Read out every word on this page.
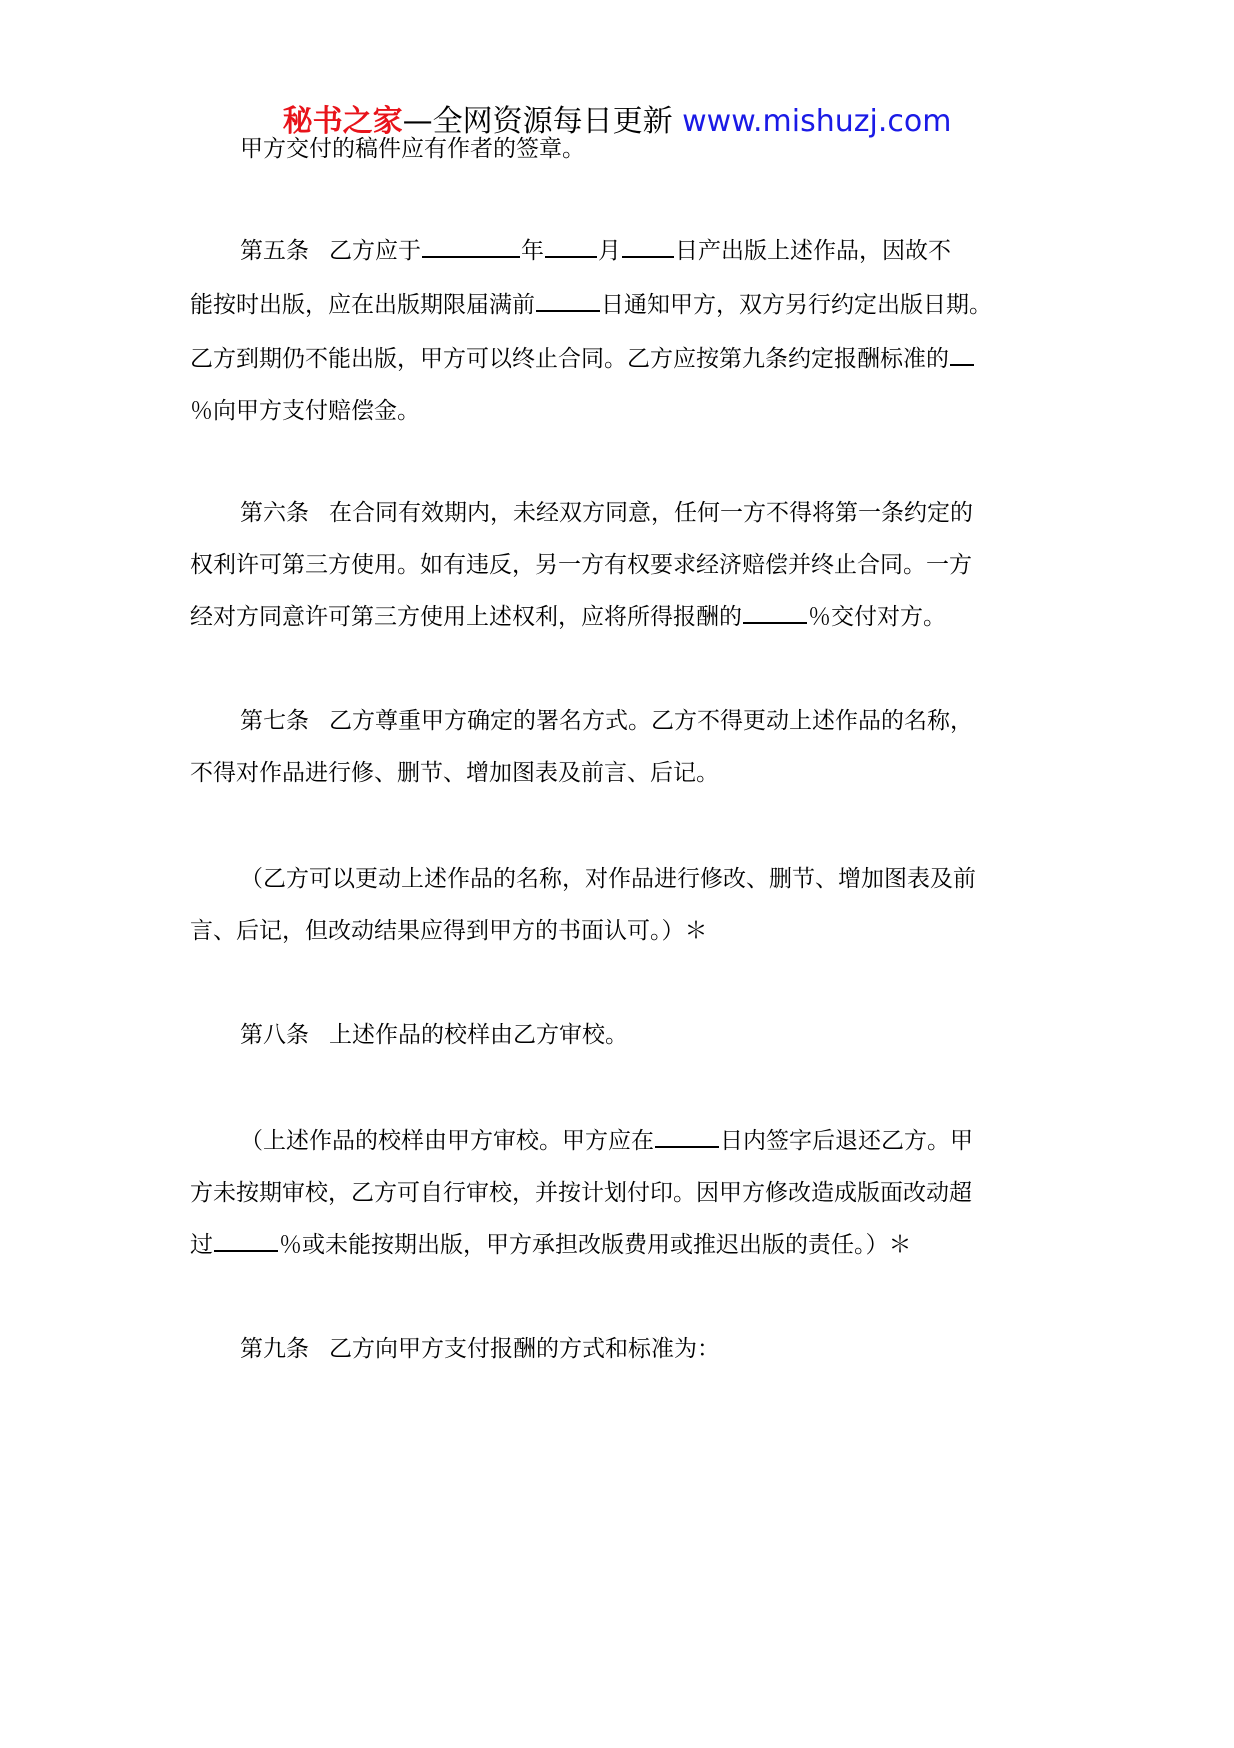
秘书之家—全网资源每日更新 www.mishuzj.com
甲方交付的稿件应有作者的签章。
第五条 乙方应于	年 月 日产出版上述作品，因故不
能按时出版，应在出版期限届满前	日通知甲方，双方另行约定出版日期。
乙方到期仍不能出版，甲方可以终止合同。乙方应按第九条约定报酬标准的
％向甲方支付赔偿金。
第六条 在合同有效期内，未经双方同意，任何一方不得将第一条约定的
权利许可第三方使用。如有违反，另一方有权要求经济赔偿并终止合同。一方
经对方同意许可第三方使用上述权利，应将所得报酬的	％交付对方。
第七条 乙方尊重甲方确定的署名方式。乙方不得更动上述作品的名称，
不得对作品进行修、删节、增加图表及前言、后记。
（乙方可以更动上述作品的名称，对作品进行修改、删节、增加图表及前
言、后记，但改动结果应得到甲方的书面认可。）＊
第八条 上述作品的校样由乙方审校。
（上述作品的校样由甲方审校。甲方应在	日内签字后退还乙方。甲
方未按期审校，乙方可自行审校，并按计划付印。因甲方修改造成版面改动超
过	％或未能按期出版，甲方承担改版费用或推迟出版的责任。）＊
第九条 乙方向甲方支付报酬的方式和标准为：
